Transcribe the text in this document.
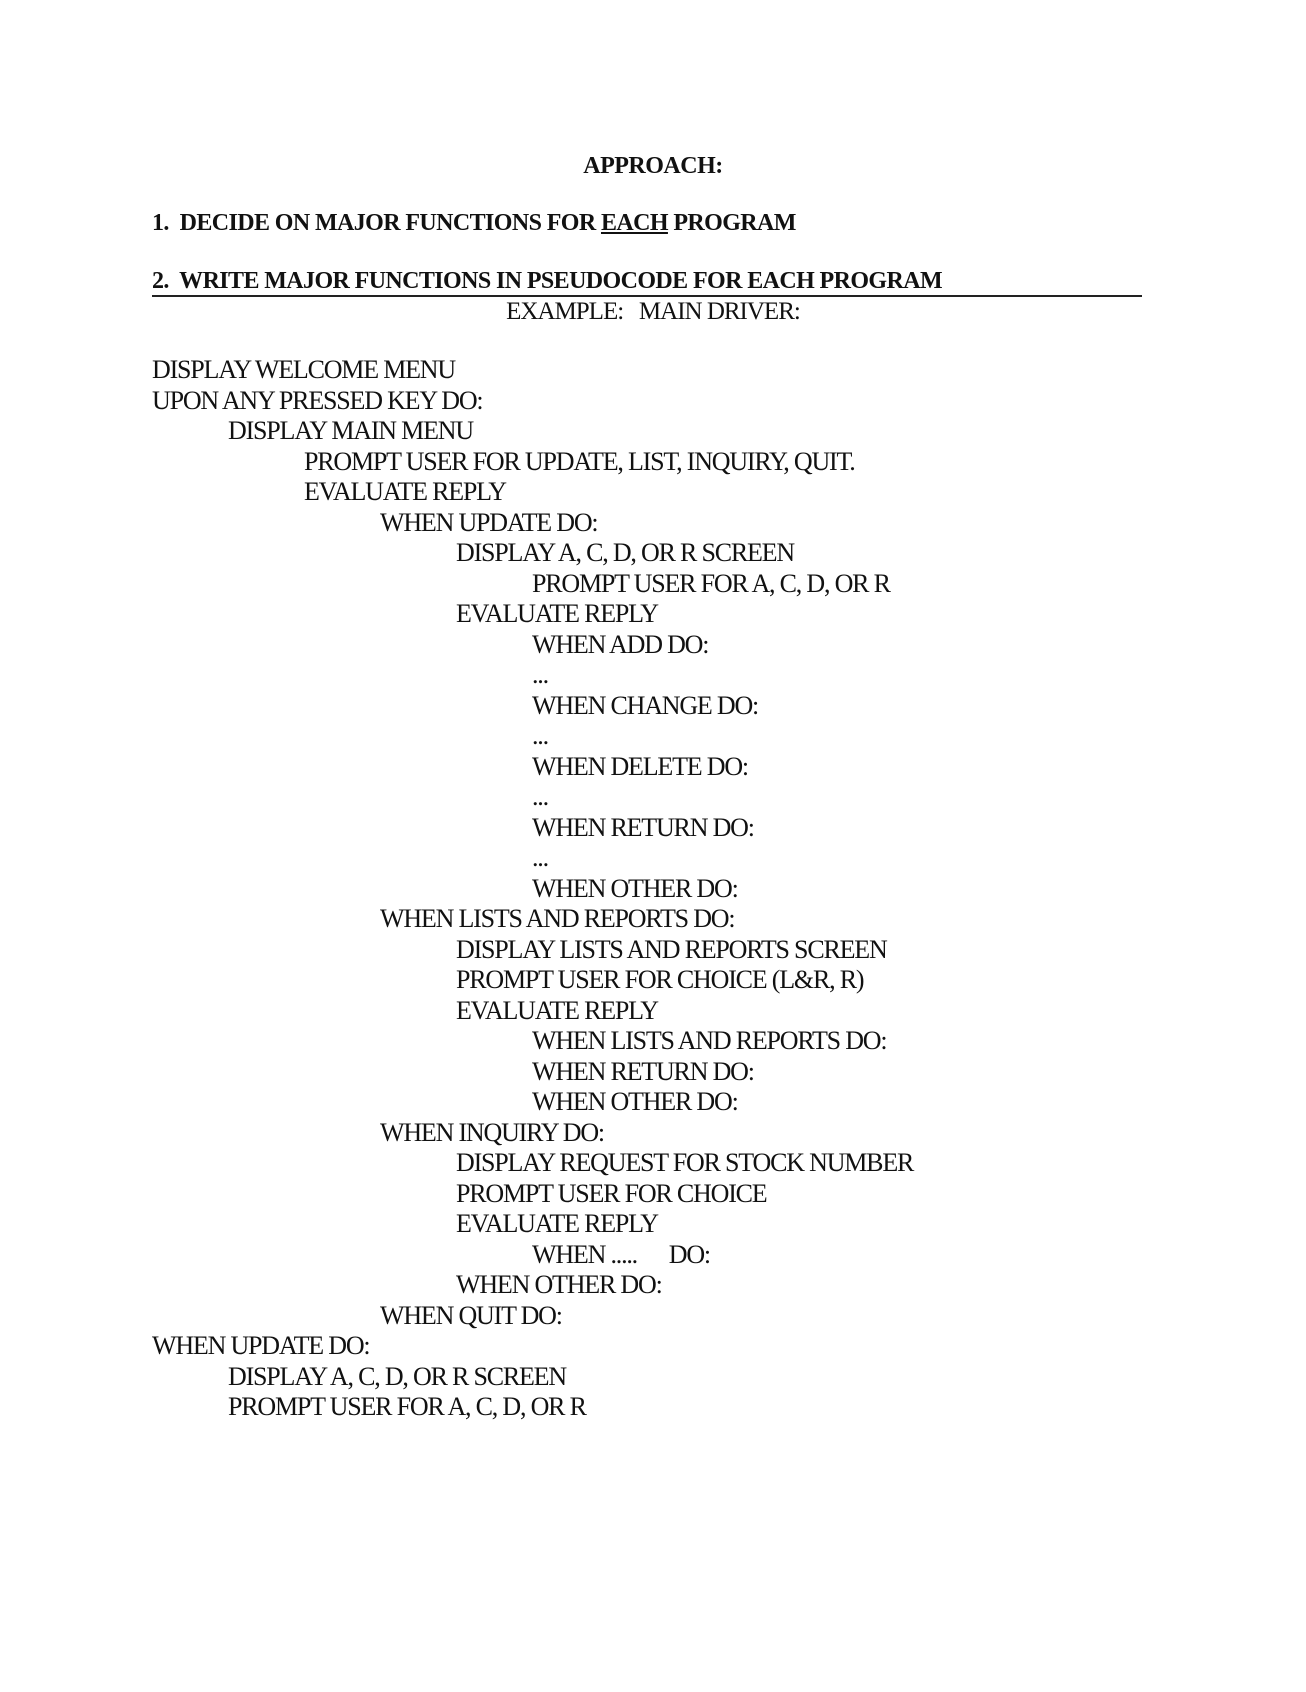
APPROACH:
1. DECIDE ON MAJOR FUNCTIONS FOR EACH PROGRAM
2.  WRITE MAJOR FUNCTIONS IN PSEUDOCODE FOR EACH PROGRAM
EXAMPLE:   MAIN DRIVER:
DISPLAY WELCOME MENU
UPON ANY PRESSED KEY DO:
DISPLAY MAIN MENU
PROMPT USER FOR UPDATE, LIST, INQUIRY, QUIT.
EVALUATE REPLY
WHEN UPDATE DO:
DISPLAY A, C, D, OR R SCREEN
PROMPT USER FOR A, C, D, OR R
EVALUATE REPLY
WHEN ADD DO:
...
WHEN CHANGE DO:
...
WHEN DELETE DO:
...
WHEN RETURN DO:
...
WHEN OTHER DO:
WHEN LISTS AND REPORTS DO:
DISPLAY LISTS AND REPORTS SCREEN
PROMPT USER FOR CHOICE (L&R, R)
EVALUATE REPLY
WHEN LISTS AND REPORTS DO:
WHEN RETURN DO:
WHEN OTHER DO:
WHEN INQUIRY DO:
DISPLAY REQUEST FOR STOCK NUMBER
PROMPT USER FOR CHOICE
EVALUATE REPLY
WHEN .....      DO:
WHEN OTHER DO:
WHEN QUIT DO:
WHEN UPDATE DO:
DISPLAY A, C, D, OR R SCREEN
PROMPT USER FOR A, C, D, OR R
